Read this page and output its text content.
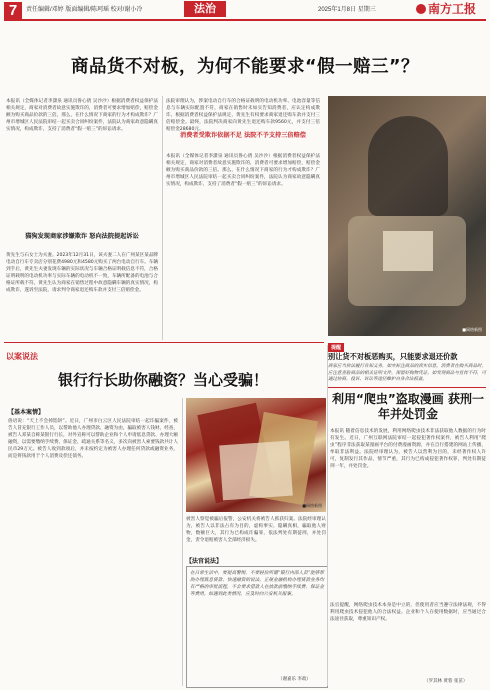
7	责任编辑/邓婷 版面编辑/陈珂瑶 校对/谢小冷	法治	2025年1月8日 星期三	南方工报
商品货不对板，为何不能要求“假一赔三”？
本报讯（全媒体记者李潇泉 通讯员鲁心倩 吴沙沙）根据消费者权益保护法相关规定，商家对消费者故意实施欺诈的，消费者可要求增加赔偿，赔偿金额为购买商品价款的三倍。那么，在什么情况下商家的行为才构成欺诈？广州市增城区人民法院审结一起买卖合同纠纷案件，法院认为商家故意隐瞒真实情况，构成欺诈，支持了消费者“假一赔三”的诉讼请求。
猫狗发现商家涉嫌欺诈 怒向法院提起诉讼
黄先生与石女士为夫妻。2023年12月31日，该夫妻二人在广州某区某品牌电动自行车专卖店分别花费4980元和4580元购买了两台电动自行车。车辆到手后，黄先生夫妻发现车辆的实际状况与车辆合格证明载信息不符，合格证明载明的电动机功率与实际车辆的电动机不一致，车辆所配备的电池与合格证所载不符。黄先生认为商家在销售过程中故意隐瞒车辆的真实情况，构成欺诈，遂诉至法院，请求判令商家退还购车款并支付三倍赔偿金。
法院审理认为，涉案电动自行车的合格证载明的电动机功率、电池容量等信息与车辆实际配置不符，商家在销售时未如实告知消费者，应认定构成欺诈。根据消费者权益保护法规定，黄先生有权要求商家退还购车款并支付三倍赔偿金。最终，法院判决商家向黄先生退还购车款9560元，并支付三倍赔偿金28680元。
消费者受欺诈依据不足 法院不予支持三倍赔偿
本报讯（全媒体记者李潇泉 通讯员鲁心倩 吴沙沙）根据消费者权益保护法相关规定，商家对消费者故意实施欺诈的，消费者可要求增加赔偿，赔偿金额为购买商品价款的三倍。那么，在什么情况下商家的行为才构成欺诈？广州市增城区人民法院审结一起买卖合同纠纷案件，法院认为商家故意隐瞒真实情况，构成欺诈，支持了消费者“假一赔三”的诉讼请求。
■网络新图
提醒
别让货不对板恶购买，只能要求退还价款
商家应当依法履行告知义务，如实标注商品的真实信息。消费者在购买商品时，应注意查验商品的相关证明文件，保留好购物凭证。如发现商品与宣传不符，可通过协商、投诉、诉讼等途径维护自身合法权益。
以案说法
银行行长助你融资？当心受骗！
【基本案情】
俗语说：“天上不会掉馅饼”。近日，广州市白云区人民法院审结一起诈骗案件，被告人冒充银行工作人员，以帮助他人办理贷款、融资为由，骗取被害人钱财。经查，被告人邓某自称某银行行长，对外宣称可以帮助企业和个人申请低息贷款、办理大额融资，以需要缴纳手续费、保证金、疏通关系等名义，多次向被害人索要钱款共计人民币29万元。被告人收到款项后，并未按约定为被害人办理任何贷款或融资业务，而是将钱款用于个人消费及偿还债务。
■网络新图
被害人察觉被骗后报警，公安机关将被告人抓获归案。法院经审理认为，被告人以非法占有为目的，虚构事实、隐瞒真相，骗取他人财物，数额巨大，其行为已构成诈骗罪，依法判处有期徒刑，并处罚金，责令退赔被害人全部经济损失。
【法官说法】
在日常生活中，要提高警惕，不要轻信所谓“银行内部人员”能够帮助办理低息贷款、快速融资的说法。正规金融机构办理贷款业务均有严格的审批流程，不会要求借款人在放款前缴纳手续费、保证金等费用。如遇到此类情况，应及时向公安机关报案。
（谢嘉乐 李政）
利用“爬虫”盗取漫画 获刑一年并处罚金
本报讯 随着信息技术的发展，利用网络爬虫技术非法获取他人数据的行为时有发生。近日，广州互联网法院审结一起侵犯著作权案件，被告人利用“爬虫”程序非法获取某漫画平台的付费漫画资源，并在自行搭建的网站上传播，牟取非法利益。法院经审理认为，被告人以营利为目的，未经著作权人许可，复制发行其作品，情节严重，其行为已构成侵犯著作权罪，判处有期徒刑一年，并处罚金。
法官提醒，网络爬虫技术本身是中立的，但使用者应当遵守法律法规，不得利用爬虫技术侵犯他人的合法权益。企业和个人在使用数据时，应当通过合法途径获取，尊重知识产权。
（罗其林 黄蓉 张苗）
